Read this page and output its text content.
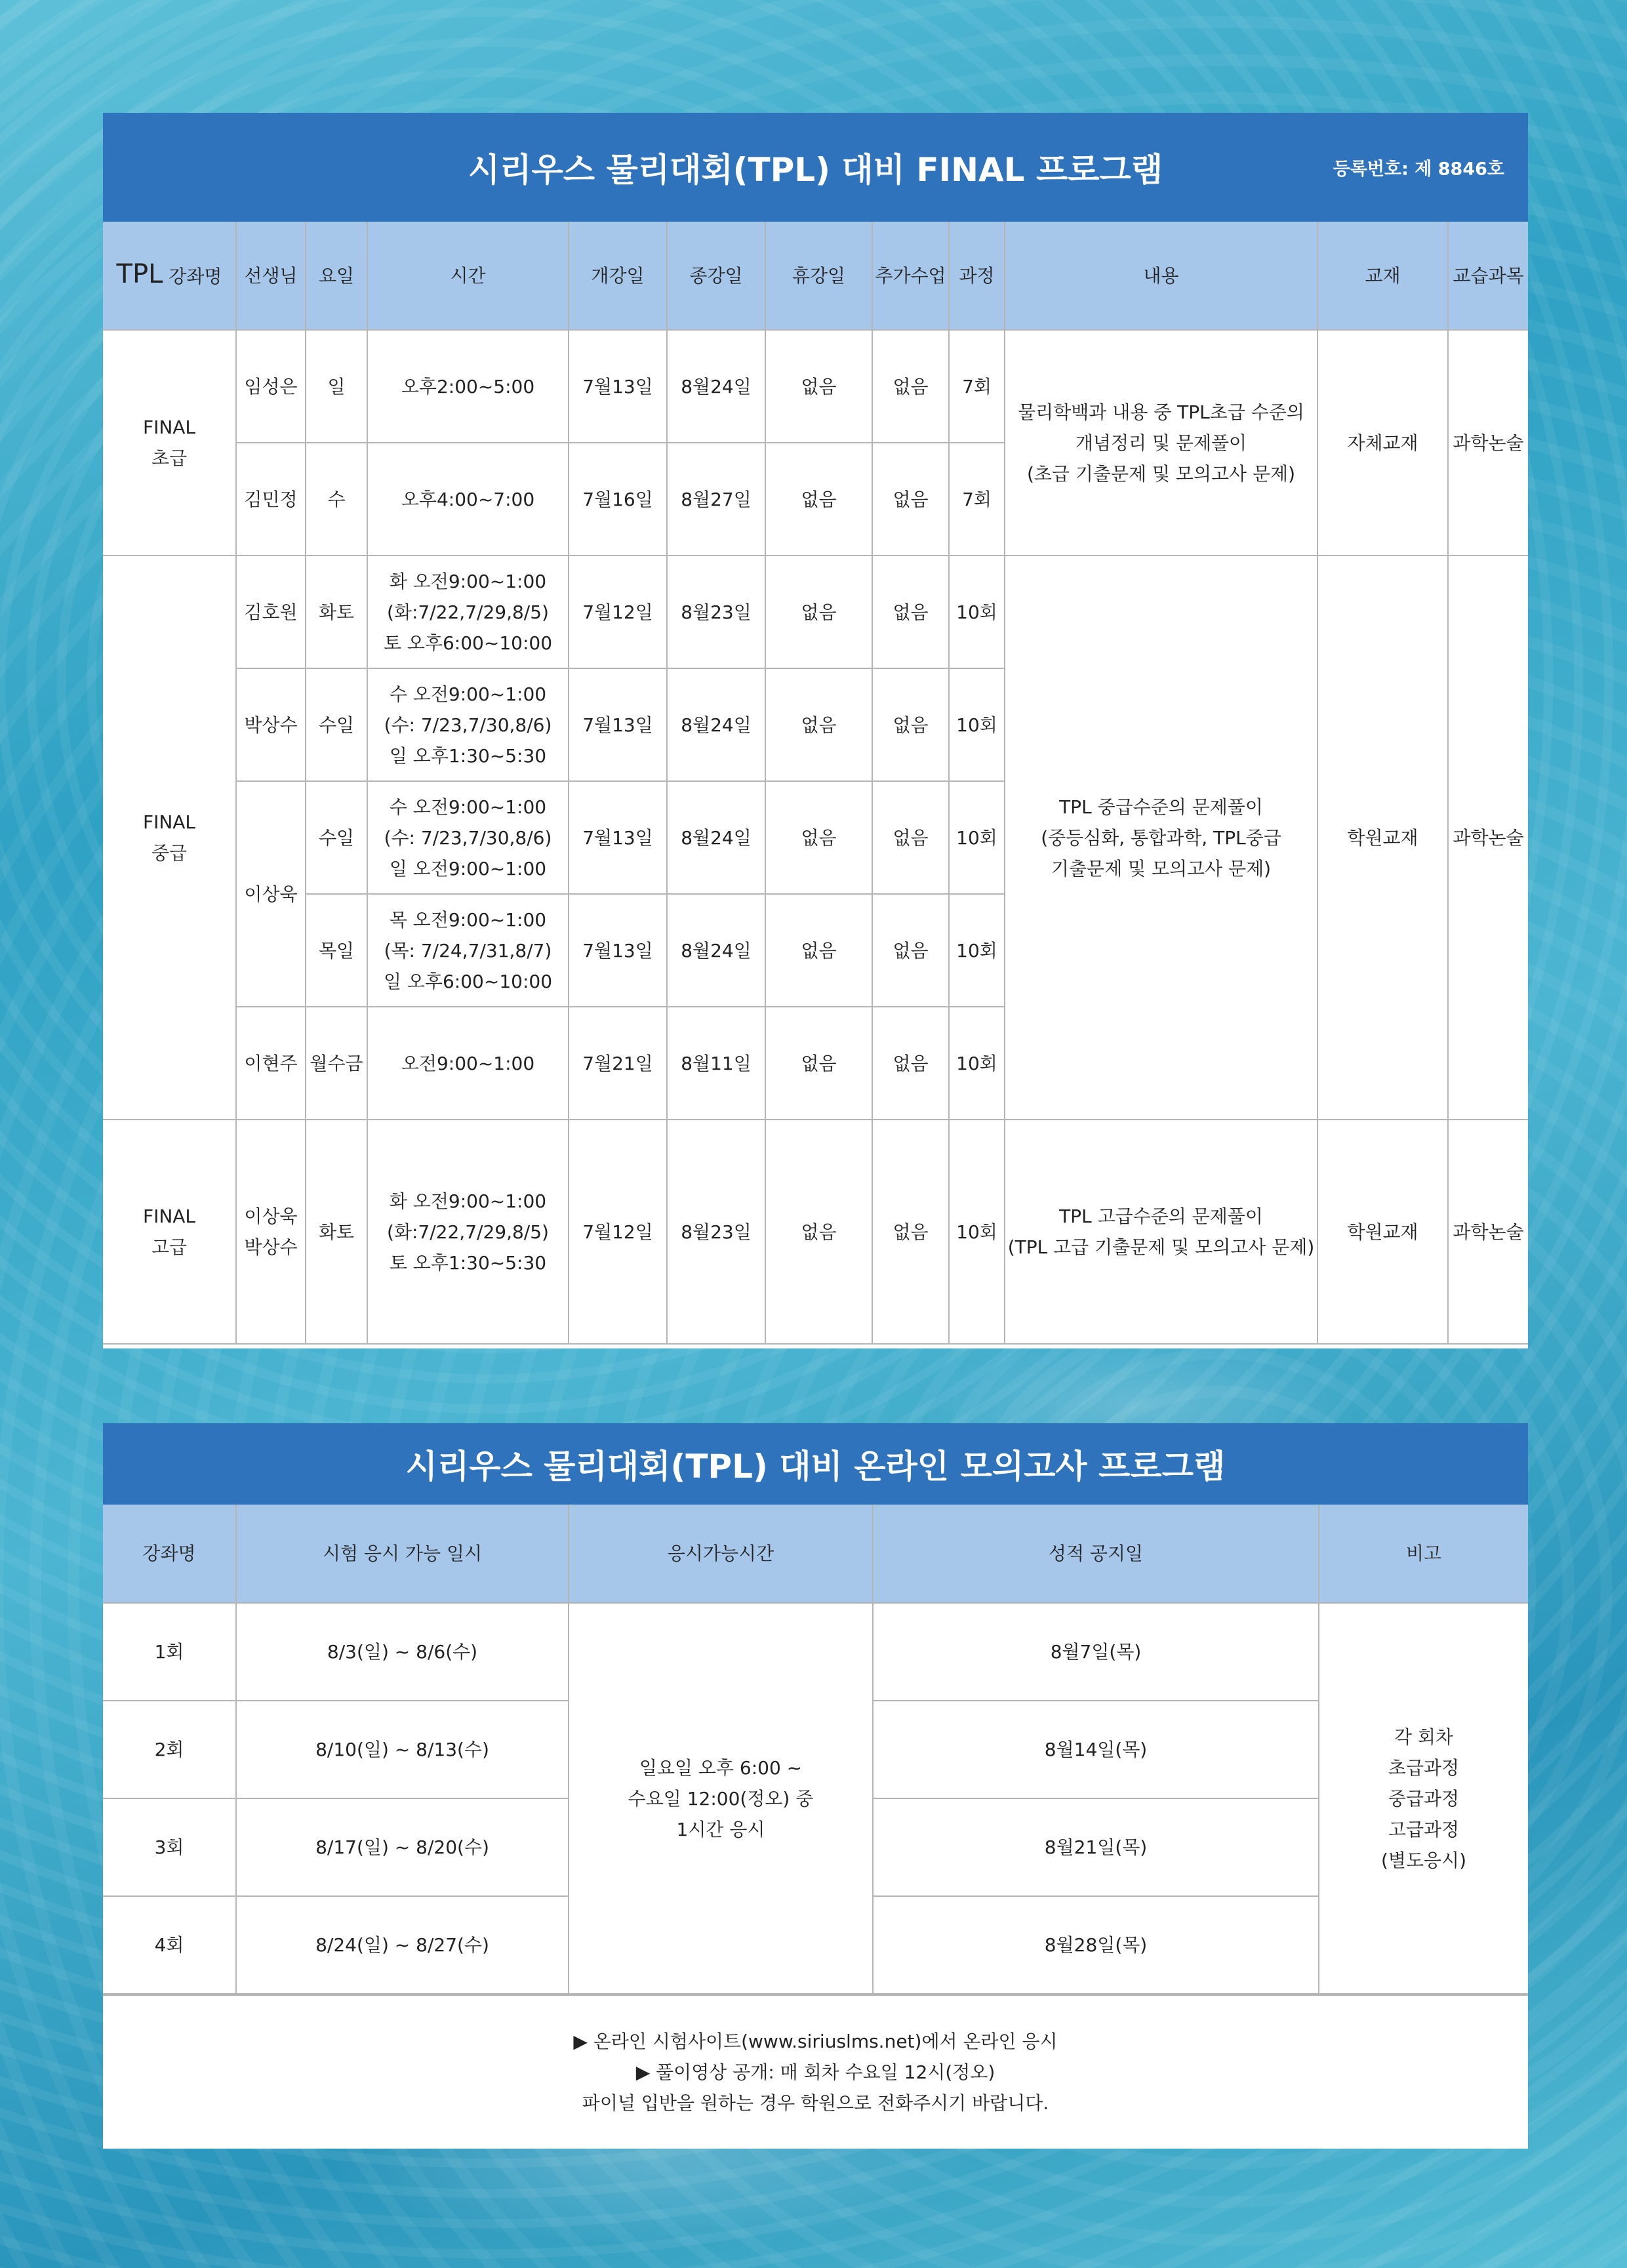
시리우스 물리대회(TPL) 대비 FINAL 프로그램	등록번호: 제 8846호
TPL 강좌명	선생님	요일	시간	개강일	종강일	휴강일	추가수업	과정	내용	교재	교습과목
FINAL
초급	임성은	일	오후2:00~5:00	7월13일	8월24일	없음	없음	7회	물리학백과 내용 중 TPL초급 수준의
개념정리 및 문제풀이
(초급 기출문제 및 모의고사 문제)	자체교재	과학논술
	김민정	수	오후4:00~7:00	7월16일	8월27일	없음	없음	7회			
FINAL
중급	김호원	화토	화 오전9:00~1:00
(화:7/22,7/29,8/5)
토 오후6:00~10:00	7월12일	8월23일	없음	없음	10회	TPL 중급수준의 문제풀이
(중등심화, 통합과학, TPL중급
기출문제 및 모의고사 문제)	학원교재	과학논술
	박상수	수일	수 오전9:00~1:00
(수: 7/23,7/30,8/6)
일 오후1:30~5:30	7월13일	8월24일	없음	없음	10회			
	이상욱	수일	수 오전9:00~1:00
(수: 7/23,7/30,8/6)
일 오전9:00~1:00	7월13일	8월24일	없음	없음	10회			
		목일	목 오전9:00~1:00
(목: 7/24,7/31,8/7)
일 오후6:00~10:00	7월13일	8월24일	없음	없음	10회			
	이현주	월수금	오전9:00~1:00	7월21일	8월11일	없음	없음	10회			
FINAL
고급	이상욱
박상수	화토	화 오전9:00~1:00
(화:7/22,7/29,8/5)
토 오후1:30~5:30	7월12일	8월23일	없음	없음	10회	TPL 고급수준의 문제풀이
(TPL 고급 기출문제 및 모의고사 문제)	학원교재	과학논술
시리우스 물리대회(TPL) 대비 온라인 모의고사 프로그램
강좌명	시험 응시 가능 일시	응시가능시간	성적 공지일	비고
1회	8/3(일) ~ 8/6(수)	일요일 오후 6:00 ~
수요일 12:00(정오) 중
1시간 응시	8월7일(목)	각 회차
초급과정
중급과정
고급과정
(별도응시)
2회	8/10(일) ~ 8/13(수)		8월14일(목)	
3회	8/17(일) ~ 8/20(수)		8월21일(목)	
4회	8/24(일) ~ 8/27(수)		8월28일(목)	
▶ 온라인 시험사이트(www.siriuslms.net)에서 온라인 응시
▶ 풀이영상 공개: 매 회차 수요일 12시(정오)
파이널 입반을 원하는 경우 학원으로 전화주시기 바랍니다.
